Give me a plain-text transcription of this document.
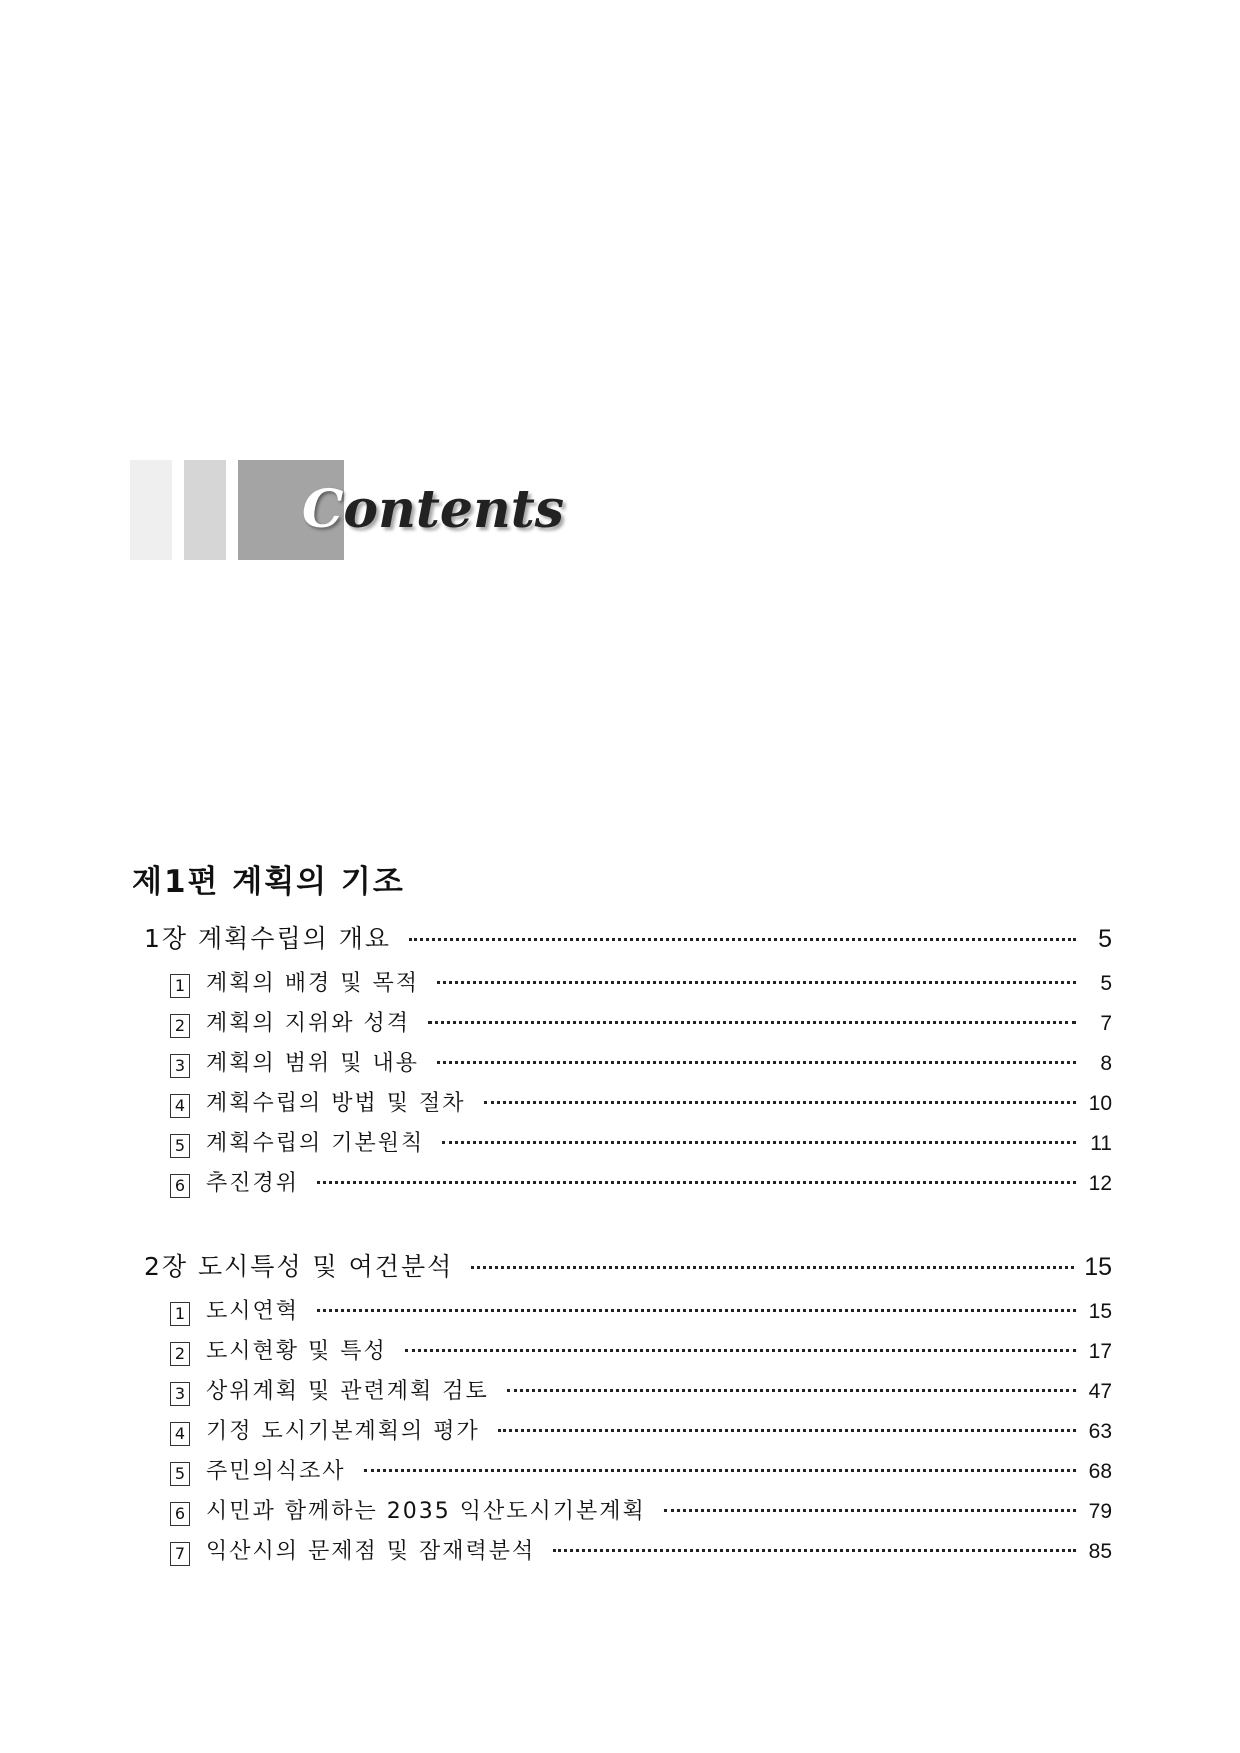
Contents
제1편 계획의 기조
1장 계획수립의 개요	5
1 계획의 배경 및 목적	5
2 계획의 지위와 성격	7
3 계획의 범위 및 내용	8
4 계획수립의 방법 및 절차	10
5 계획수립의 기본원칙	11
6 추진경위	12
2장 도시특성 및 여건분석	15
1 도시연혁	15
2 도시현황 및 특성	17
3 상위계획 및 관련계획 검토	47
4 기정 도시기본계획의 평가	63
5 주민의식조사	68
6 시민과 함께하는 2035 익산도시기본계획	79
7 익산시의 문제점 및 잠재력분석	85
